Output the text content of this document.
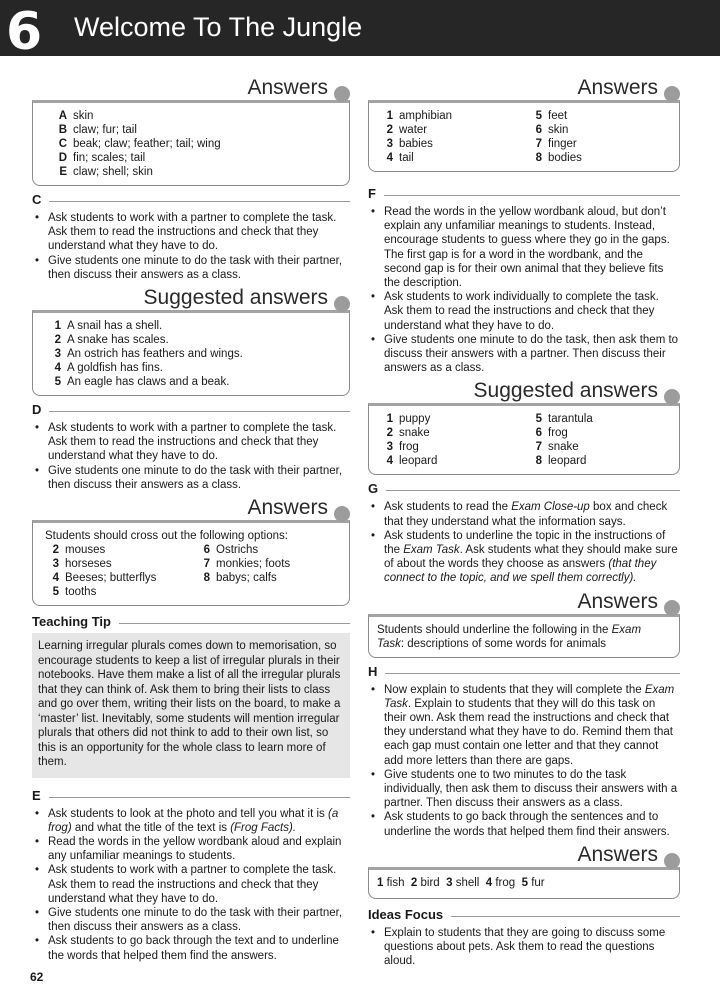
6 Welcome To The Jungle
Answers
A skin
B claw; fur; tail
C beak; claw; feather; tail; wing
D fin; scales; tail
E claw; shell; skin
C
• Ask students to work with a partner to complete the task. Ask them to read the instructions and check that they understand what they have to do.
• Give students one minute to do the task with their partner, then discuss their answers as a class.
Suggested answers
1 A snail has a shell.
2 A snake has scales.
3 An ostrich has feathers and wings.
4 A goldfish has fins.
5 An eagle has claws and a beak.
D
• Ask students to work with a partner to complete the task. Ask them to read the instructions and check that they understand what they have to do.
• Give students one minute to do the task with their partner, then discuss their answers as a class.
Answers
Students should cross out the following options:
2 mouses
3 horseses
4 Beeses; butterflys
5 tooths
6 Ostrichs
7 monkies; foots
8 babys; calfs
Teaching Tip
Learning irregular plurals comes down to memorisation, so encourage students to keep a list of irregular plurals in their notebooks. Have them make a list of all the irregular plurals that they can think of. Ask them to bring their lists to class and go over them, writing their lists on the board, to make a ‘master’ list. Inevitably, some students will mention irregular plurals that others did not think to add to their own list, so this is an opportunity for the whole class to learn more of them.
E
• Ask students to look at the photo and tell you what it is (a frog) and what the title of the text is (Frog Facts).
• Read the words in the yellow wordbank aloud and explain any unfamiliar meanings to students.
• Ask students to work with a partner to complete the task. Ask them to read the instructions and check that they understand what they have to do.
• Give students one minute to do the task with their partner, then discuss their answers as a class.
• Ask students to go back through the text and to underline the words that helped them find the answers.
Answers
1 amphibian
2 water
3 babies
4 tail
5 feet
6 skin
7 finger
8 bodies
F
• Read the words in the yellow wordbank aloud, but don’t explain any unfamiliar meanings to students. Instead, encourage students to guess where they go in the gaps. The first gap is for a word in the wordbank, and the second gap is for their own animal that they believe fits the description.
• Ask students to work individually to complete the task. Ask them to read the instructions and check that they understand what they have to do.
• Give students one minute to do the task, then ask them to discuss their answers with a partner. Then discuss their answers as a class.
Suggested answers
1 puppy
2 snake
3 frog
4 leopard
5 tarantula
6 frog
7 snake
8 leopard
G
• Ask students to read the Exam Close-up box and check that they understand what the information says.
• Ask students to underline the topic in the instructions of the Exam Task. Ask students what they should make sure of about the words they choose as answers (that they connect to the topic, and we spell them correctly).
Answers
Students should underline the following in the Exam Task: descriptions of some words for animals
H
• Now explain to students that they will complete the Exam Task. Explain to students that they will do this task on their own. Ask them read the instructions and check that they understand what they have to do. Remind them that each gap must contain one letter and that they cannot add more letters than there are gaps.
• Give students one to two minutes to do the task individually, then ask them to discuss their answers with a partner. Then discuss their answers as a class.
• Ask students to go back through the sentences and to underline the words that helped them find their answers.
Answers
1 fish 2 bird 3 shell 4 frog 5 fur
Ideas Focus
• Explain to students that they are going to discuss some questions about pets. Ask them to read the questions aloud.
62
